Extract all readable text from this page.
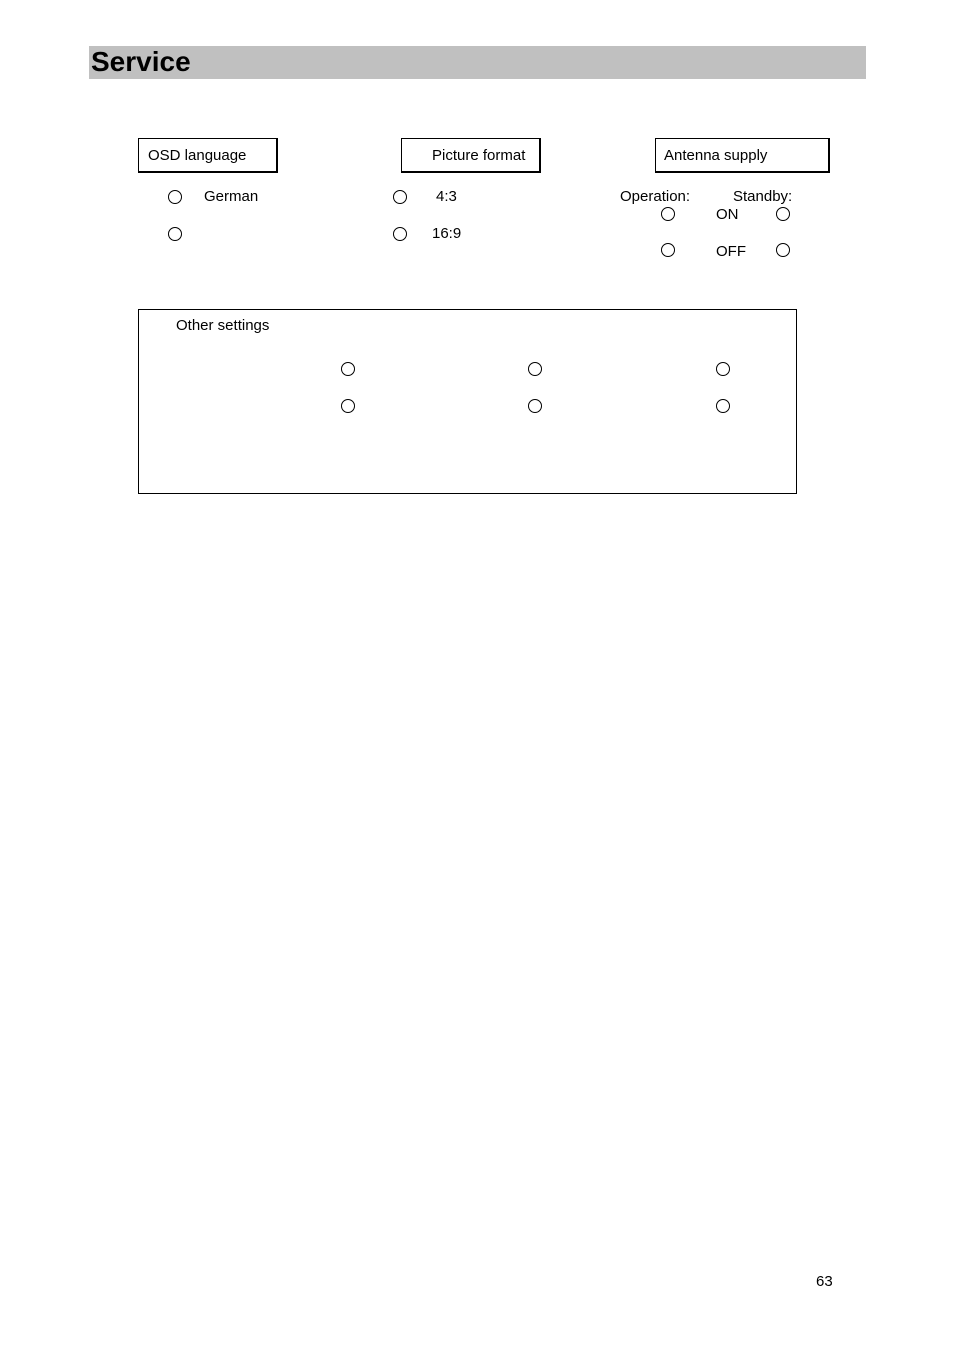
Service
OSD language
German
Picture format
4:3
16:9
Antenna supply
Operation:	Standby:
ON
OFF
Other settings
63
